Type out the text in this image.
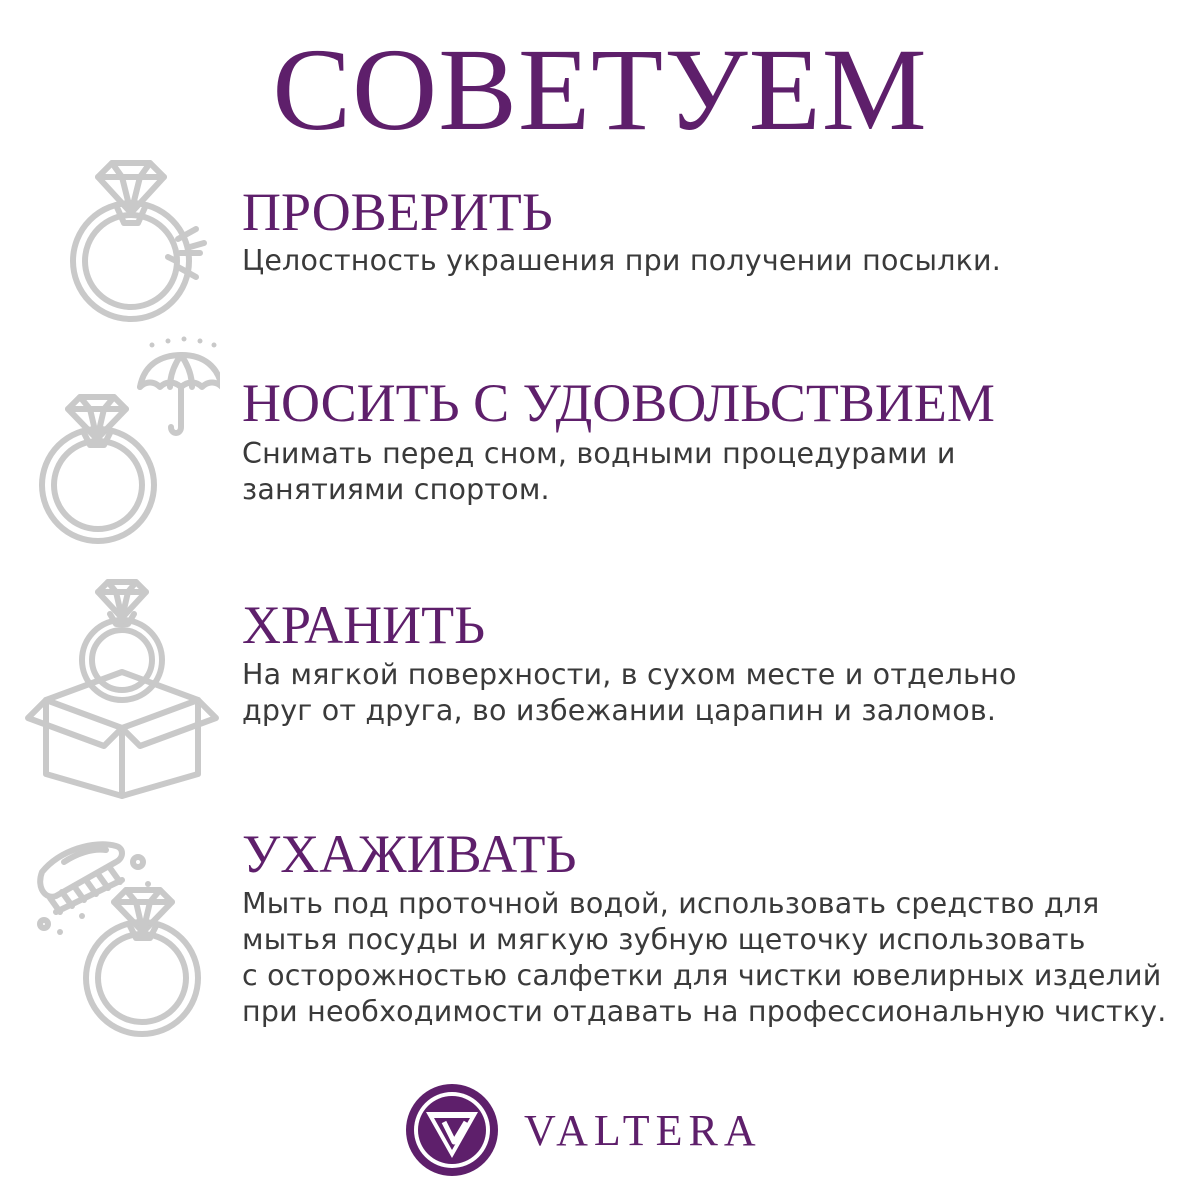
СОВЕТУЕМ
ПРОВЕРИТЬ

Целостность украшения при получении посылки.

НОСИТЬ С УДОВОЛЬСТВИЕМ

Снимать перед сном, водными процедурами и
занятиями спортом.

ХРАНИТЬ

На мягкой поверхности, в сухом месте и отдельно
друг от друга, во избежании царапин и заломов.

УХАЖИВАТЬ

Мыть под проточной водой, использовать средство для
мытья посуды и мягкую зубную щеточку использовать
с осторожностью салфетки для чистки ювелирных изделий
при необходимости отдавать на профессиональную чистку.

VALTERA
